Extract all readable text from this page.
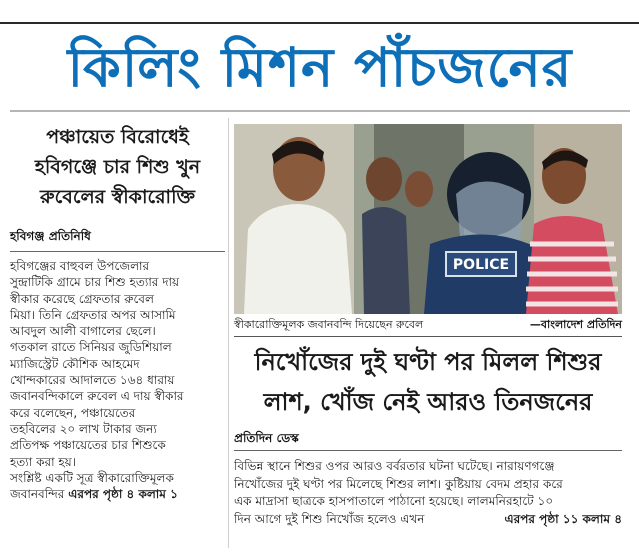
কিলিং মিশন পাঁচজনের
পঞ্চায়েত বিরোধেই
হবিগঞ্জে চার শিশু খুন
রুবেলের স্বীকারোক্তি
হবিগঞ্জ প্রতিনিধি

হবিগঞ্জের বাহুবল উপজেলার

সুন্দ্রাটিকি গ্রামে চার শিশু হত্যার দায়

স্বীকার করেছে গ্রেফতার রুবেল

মিয়া। তিনি গ্রেফতার অপর আসামি

আবদুল আলী বাগালের ছেলে।

গতকাল রাতে সিনিয়র জুডিশিয়াল

ম্যাজিস্ট্রেট কৌশিক আহমেদ

খোন্দকারের আদালতে ১৬৪ ধারায়

জবানবন্দিকালে রুবেল এ দায় স্বীকার

করে বলেছেন, পঞ্চায়েতের

তহবিলের ২০ লাখ টাকার জন্য

প্রতিপক্ষ পঞ্চায়েতের চার শিশুকে

হত্যা করা হয়।

সংশ্লিষ্ট একটি সূত্র স্বীকারোক্তিমূলক

জবানবন্দির এরপর পৃষ্ঠা ৪ কলাম ১

POLICE
স্বীকারোক্তিমূলক জবানবন্দি দিয়েছেন রুবেল	—বাংলাদেশ প্রতিদিন
নিখোঁজের দুই ঘণ্টা পর মিলল শিশুর
লাশ, খোঁজ নেই আরও তিনজনের
প্রতিদিন ডেস্ক
বিভিন্ন স্থানে শিশুর ওপর আরও বর্বরতার ঘটনা ঘটেছে। নারায়ণগঞ্জে
নিখোঁজের দুই ঘণ্টা পর মিলেছে শিশুর লাশ। কুষ্টিয়ায় বেদম প্রহার করে
এক মাদ্রাসা ছাত্রকে হাসপাতালে পাঠানো হয়েছে। লালমনিরহাটে ১০
দিন আগে দুই শিশু নিখোঁজ হলেও এখন	এরপর পৃষ্ঠা ১১ কলাম ৪
